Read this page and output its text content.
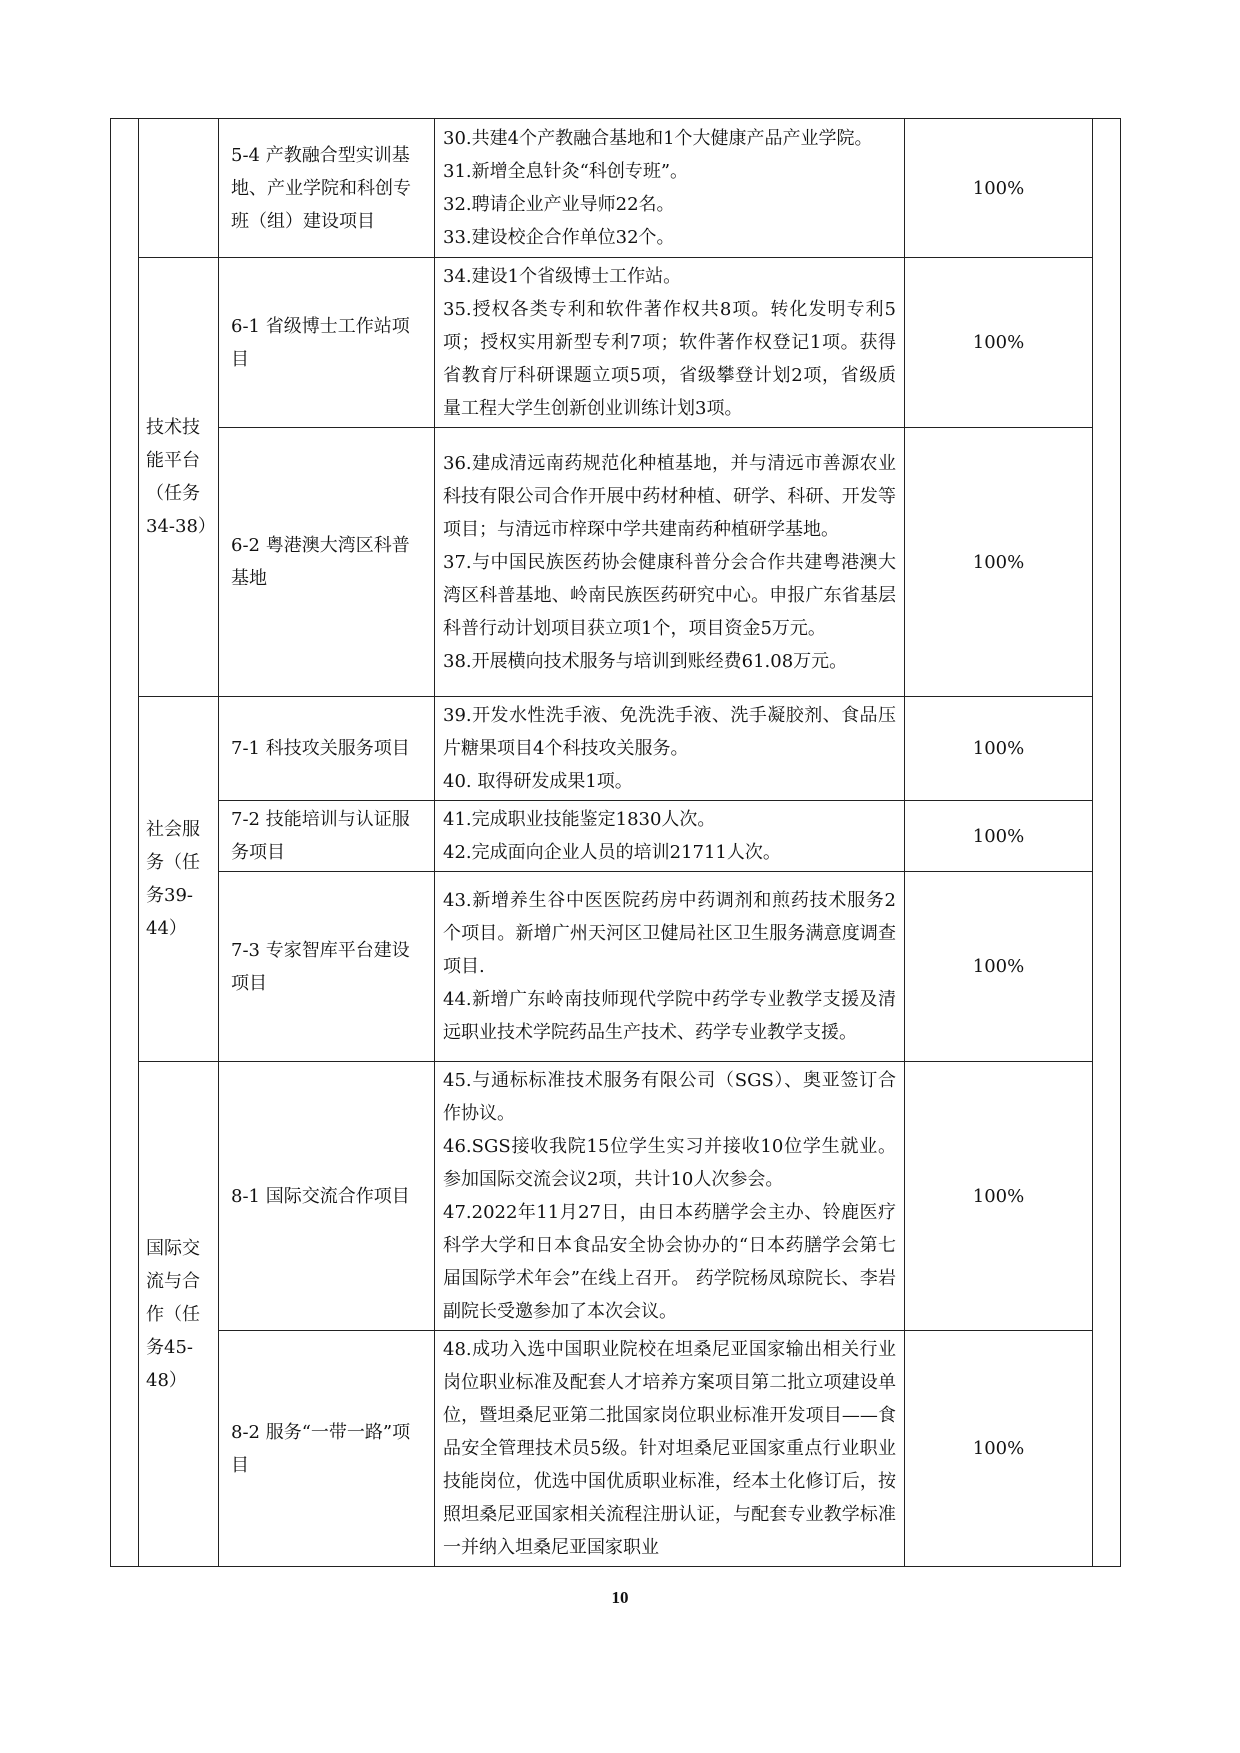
		5-4 产教融合型实训基地、产业学院和科创专班（组）建设项目	30.共建4个产教融合基地和1个大健康产品产业学院。
31.新增全息针灸“科创专班”。
32.聘请企业产业导师22名。
33.建设校企合作单位32个。	100%	
	技术技能平台（任务34-38）	6-1 省级博士工作站项目	34.建设1个省级博士工作站。
35.授权各类专利和软件著作权共8项。转化发明专利5项；授权实用新型专利7项；软件著作权登记1项。获得省教育厅科研课题立项5项，省级攀登计划2项，省级质量工程大学生创新创业训练计划3项。	100%	
		6-2 粤港澳大湾区科普基地	36.建成清远南药规范化种植基地，并与清远市善源农业科技有限公司合作开展中药材种植、研学、科研、开发等项目；与清远市梓琛中学共建南药种植研学基地。
37.与中国民族医药协会健康科普分会合作共建粤港澳大湾区科普基地、岭南民族医药研究中心。申报广东省基层科普行动计划项目获立项1个，项目资金5万元。
38.开展横向技术服务与培训到账经费61.08万元。	100%	
	社会服务（任务39-44）	7-1 科技攻关服务项目	39.开发水性洗手液、免洗洗手液、洗手凝胶剂、食品压片糖果项目4个科技攻关服务。
40. 取得研发成果1项。	100%	
		7-2 技能培训与认证服务项目	41.完成职业技能鉴定1830人次。
42.完成面向企业人员的培训21711人次。	100%	
		7-3 专家智库平台建设项目	43.新增养生谷中医医院药房中药调剂和煎药技术服务2个项目。新增广州天河区卫健局社区卫生服务满意度调查项目.
44.新增广东岭南技师现代学院中药学专业教学支援及清远职业技术学院药品生产技术、药学专业教学支援。	100%	
	国际交流与合作（任务45-48）	8-1 国际交流合作项目	45.与通标标准技术服务有限公司（SGS）、奥亚签订合作协议。
46.SGS接收我院15位学生实习并接收10位学生就业。参加国际交流会议2项，共计10人次参会。
47.2022年11月27日，由日本药膳学会主办、铃鹿医疗科学大学和日本食品安全协会协办的“日本药膳学会第七届国际学术年会”在线上召开。 药学院杨凤琼院长、李岩副院长受邀参加了本次会议。	100%	
		8-2 服务“一带一路”项目	48.成功入选中国职业院校在坦桑尼亚国家输出相关行业岗位职业标准及配套人才培养方案项目第二批立项建设单位，暨坦桑尼亚第二批国家岗位职业标准开发项目——食品安全管理技术员5级。针对坦桑尼亚国家重点行业职业技能岗位，优选中国优质职业标准，经本土化修订后，按照坦桑尼亚国家相关流程注册认证，与配套专业教学标准一并纳入坦桑尼亚国家职业	100%	
10
